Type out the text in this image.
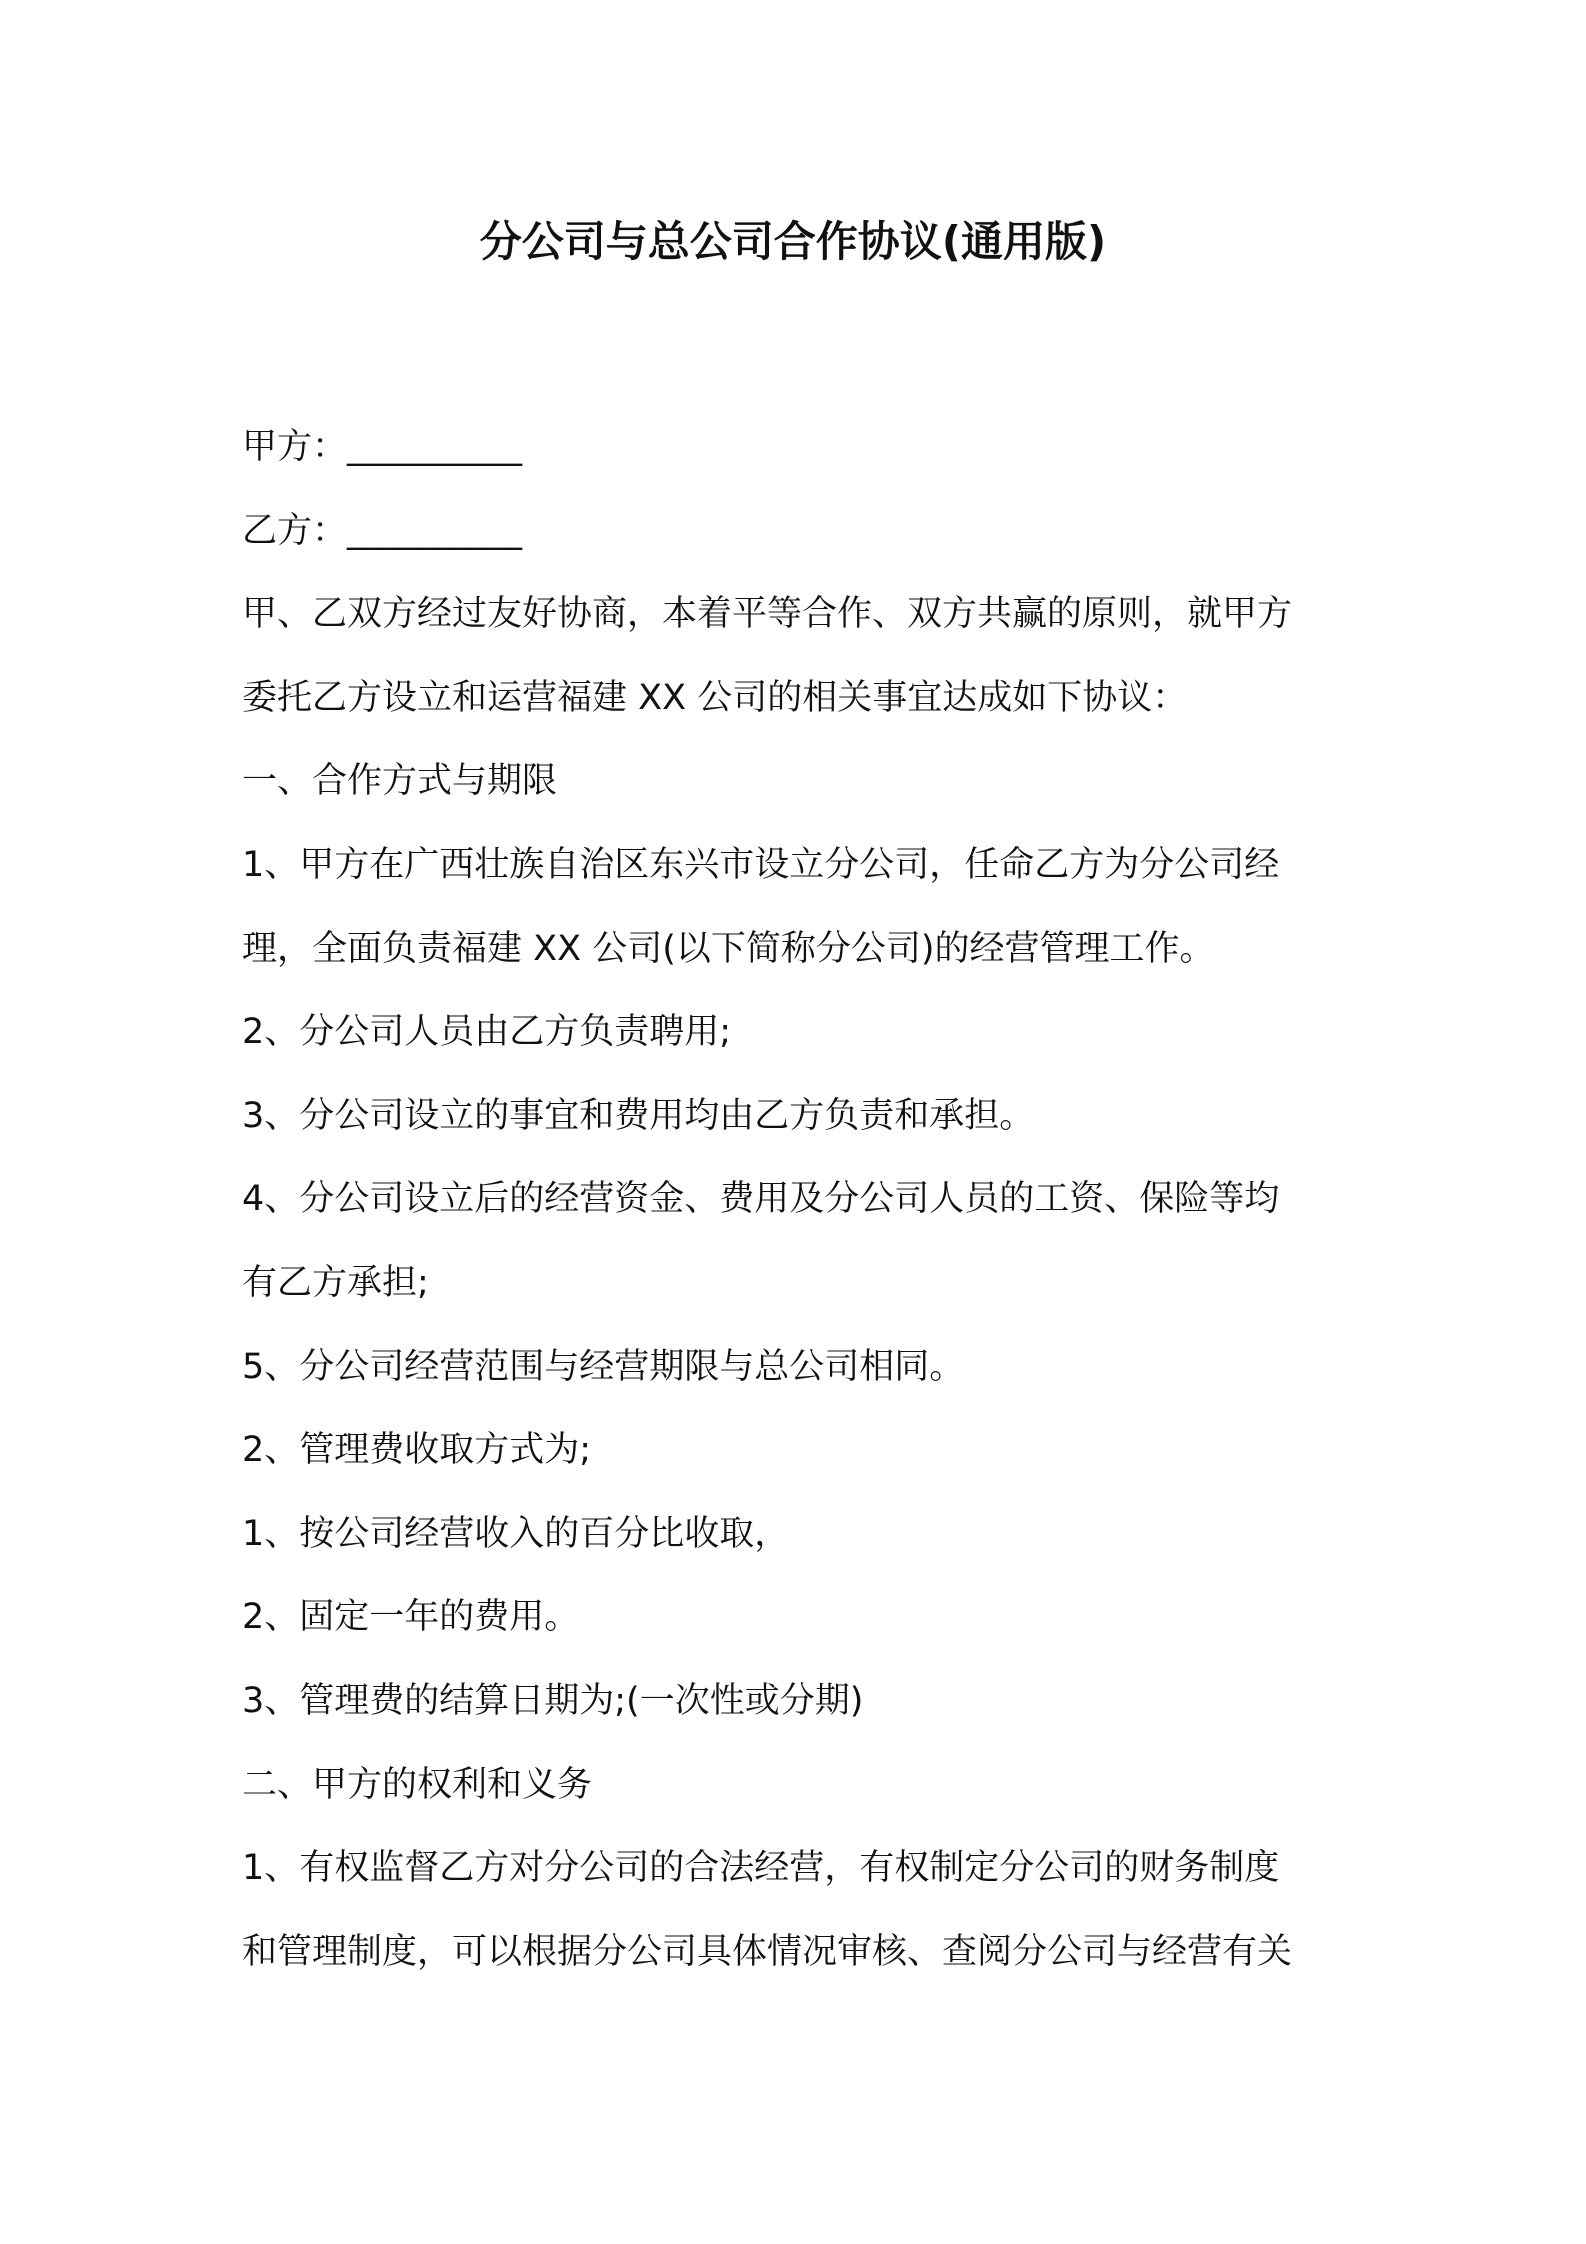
分公司与总公司合作协议(通用版)
甲方：__________
乙方：__________
甲、乙双方经过友好协商，本着平等合作、双方共赢的原则，就甲方
委托乙方设立和运营福建 XX 公司的相关事宜达成如下协议：
一、合作方式与期限
1、甲方在广西壮族自治区东兴市设立分公司，任命乙方为分公司经
理，全面负责福建 XX 公司(以下简称分公司)的经营管理工作。
2、分公司人员由乙方负责聘用;
3、分公司设立的事宜和费用均由乙方负责和承担。
4、分公司设立后的经营资金、费用及分公司人员的工资、保险等均
有乙方承担;
5、分公司经营范围与经营期限与总公司相同。
2、管理费收取方式为;
1、按公司经营收入的百分比收取，
2、固定一年的费用。
3、管理费的结算日期为;(一次性或分期)
二、甲方的权利和义务
1、有权监督乙方对分公司的合法经营，有权制定分公司的财务制度
和管理制度，可以根据分公司具体情况审核、查阅分公司与经营有关
